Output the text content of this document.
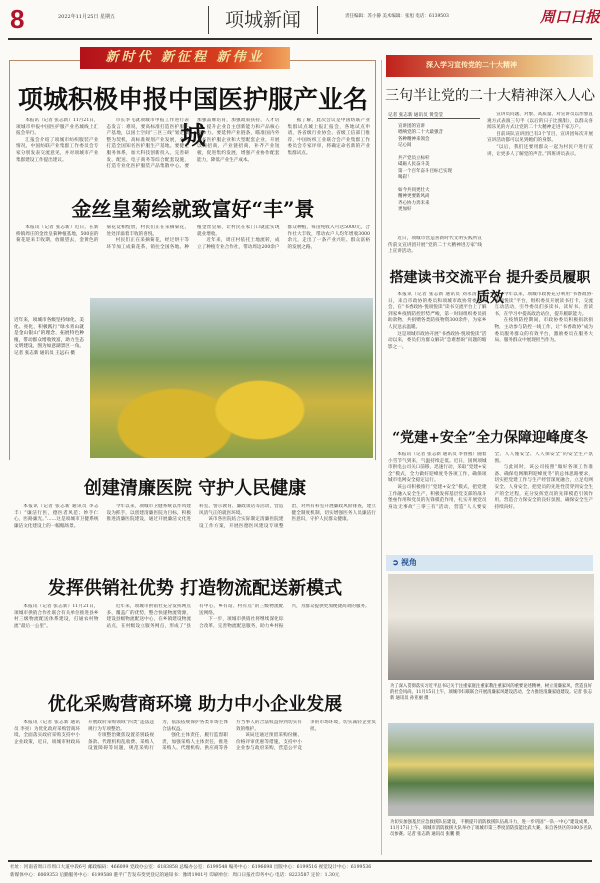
8	2022年11月25日 星期五	项城新闻	责任编辑：苏小静 美术编辑：张旭 电话：6139503	周口日报
新时代 新征程 新伟业
项城积极申报中国医护服产业名城

本报讯（记者 张志新）11月21日，项城市申报中国医护服产业名城线上汇报会举行。

汇报会介绍了项城市纺织服装产业情况，中国纺联产业集群工作委员会专家分别发表交流意见，并对项城市产业集群建设工作提出建议。

市长李飞就项城市申报工作进行表态发言：难说，要高标准打造医护服生产基地，以国土空间“三区三线”划定调整为契机，高标准规划产业发展，全力打造全国知名医护服生产基地。要健全服务体系，加大科技创新投入，完善研发、配送、电子商务等综合配套设施，打造专业化医护服装产品集散中心。要加强品牌培育，加强政策扶持、人才培育，提升企业自主创新能力和产品核心竞争力。要延伸产业链条，瞄准国内外知名医护服企业和大型配套企业，开展以商招商、产业链招商，补齐产业短板，促进集约发展，增强产业协作配套能力，降低产业生产成本。

据了解，此次会议是中国纺联产业集群试点城上报汇报会，各地试点申请，各省级行业协会、省级工信部门推荐，中国纺织工业联合会产业集群工作委员会专家评审，将确定命名新的产业集群试点。

金丝皇菊绘就致富好“丰”景

本报讯（记者 张志新）近日，在新桥镇周庄的金丝皇菊种植基地，500亩的菊花迎来丰收期，放眼望去，金黄色的菊花竞相绽放，村民们正在采摘菊花，处处洋溢着丰收的喜悦。

村民们正在采摘菊花，经过烘干等环节加工成菊花茶，销往全国各地。种植金丝皇菊，让村民在家门口就能实现就业增收。

近年来，周庄村依托土地流转，成立了种植专业合作社，带动周边200余户群众种植，每亩纯收入可达5000元，合作社大丰收，带动农户人均年增收3000余元，走出了一条产业兴旺、群众富裕的发展之路。

近年来，项城市各级坚持绿化、美化、亮化，积极践行“绿水青山就是金山银山”的理念，拓展特色种植，带动群众增收致富，助力生态文明建设。图为如意湖景区一角。记者 张志新 通讯员 王远石 摄
创建清廉医院 守护人民健康

本报讯（记者 张志新 通讯员 李志丰）“廉洁行医，德医者风范；妙手仁心，医路廉光。”……这是项城市卫健系统廉洁文化建设上的一幅幅场景。

今年以来，项城市卫健系统以作风建设为抓手，以创建清廉医院为目标，积极推进清廉医院建设，通过开展廉洁文化进科室、警示教育、廉政谈话等活动，营造风清气正的就医环境。

该市各医院结合实际制定清廉医院建设工作方案，开展医德医风建设专项整治，对所有科室开展廉政风险排查，建立健全制度机制，切实增强医务人员廉洁行医意识，守护人民群众健康。

发挥供销社优势 打造物流配送新模式

本报讯（记者 张志新）11月21日，项城市供销合作社联合有关单位推进县乡村三级物流配送体系建设，打通农村物流“最后一公里”。

近年来，项城市供销社充分发挥网点多、覆盖广的优势，整合快递物流资源，建设县级物流配送中心，在乡镇建设物流站点，在村级设立服务网点，形成了“县有中心、乡有站、村有点”的三级物流配送网络。

下一步，项城市供销社将继续深化综合改革，完善物流配送服务，助力乡村振兴，为群众提供更加便捷高效的服务。

优化采购营商环境 助力中小企业发展

本报讯（记者 张志新 通讯员 李亮）为优化政府采购营商环境，全面落实政府采购支持中小企业政策，近日，项城市财政局开展政府采购领域“四类”违法违规行为专项整治。

专项整治聚焦设置差别歧视条款、代理机构乱收费、采购人设置障碍等问题，规范采购行为，依法依规保护各类市场主体合法权益。

强化主体责任，履行监督职责，加强采购人主体责任，推进采购人、代理机构、供应商等各方当事人的合法权益得到切实有效的维护。

该局还通过预留采购份额、价格评审优惠等措施，支持中小企业参与政府采购，营造公平竞争的市场环境，切实减轻企业负担。

深入学习宣传党的二十大精神
三句半让党的二十大精神深入人心
记者 张志新 通讯员 黄莹莹
宣讲团的宣讲
唱响党的二十大最强音
各种精神来领会
记心间

共产党员立标杆
砥砺人民奋斗美
第一个百年奋斗目标已实现
喝彩！

如今共同更壮大
精神更要新风尚
齐心协力奔未来
更加好

宣讲员问题、对象、高质量、对宣讲员以形象直观方式表演三句半《以后的日子比蜜甜》，以群众喜闻乐见的方式让党的二十大精神走进千家万户。

目前该队宣讲团已有3个节目，宣讲团每次开展宣讲活动都可以见到她们的身影。

“以后，我们还要用群众一起为村民户进行宣讲，让更多人了解党的声音。”四班讲员表示。

近日，项城市营造喜新时代文明实践所宣传前文宣讲团开展“党的二十大精神进万家”线上宣讲活动。

搭建读书交流平台 提升委员履职质效

本报讯（记者 张志新 通讯员 刘永清）近日，来自市政协的委员和项城市政协常委委员会，在“书香政协·悦项悦读”读书交流平台上了解到家乡疫情防控形势严峻，第一时间组织委员捐助款物，共捐赠各类防疫物资300余件，为家乡人民送去温暖。

这是项城市政协开展“书香政协·悦项悦读”活动以来，委员们为群众解决“急难愁盼”问题的缩影之一。

今年以来，项城市政协充分利用“书香政协·悦项悦读”平台，组织委员开展读书打卡、交流互动活动，引导委员们多读书、读好书、善读书，在学习中提高政治站位，提升履职能力。

在疫情防控期间，市政协委员积极捐款捐物，主动参与防控一线工作，让“书香政协”成为委员服务群众的有效平台，激励委员在服务大局、服务群众中展现担当作为。

“党建+安全”全力保障迎峰度冬

本报讯（记者 张志新 通讯员 李春燕）随着小雪节气到来，气温持续走低。近日，国网项城市供电公司关口前移，迅速行动，采取“党建+安全”模式，全力做好迎峰度冬各项工作，确保项城市电网安全稳定运行。

该公司积极推行“党建+安全”模式，把党建工作融入安全生产，积极发挥基层党支部的战斗堡垒作用和党员的先锋模范作用，扎实开展党员身边无事故“三零三有”活动，营造“人人要安全、人人懂安全、人人保安全”的安全生产氛围。

与此同时，该公司按照“做好各项工作准备、确保电网顺利迎峰度冬”的总体思路要求，切实把党建工作与生产经营深度融合，立足电网安全、人身安全，把党员的先进性贯穿到安全生产的全过程，充分发挥党员的先锋模范引领作用，营造合力保安全的良好氛围，确保安全生产持续向好。

➲ 视角
为了深入贯彻落实习近平总书记关于注重家庭注重家教注重家风的重要论述精神，树立清廉家风，营造良好的社会风尚，11月15日上午，项城市妇联联合开展清廉家风建设活动，全力推进清廉家庭建设。记者 张志新 通讯员 孙亚丽 摄
为切实加强基层应急救援队伍建设，不断提升消防救援队伍战斗力，进一步巩固“一队一中心”建设成果，11月17日上午，项城市消防救援大队举办了项城市第三季度消防技能比武大赛，来自各县区的100多名队员参赛。记者 张志新 通讯员 张鹏 摄
社址：河南省周口市周口大道中段6号 邮政编码：466099 党政办公室：6183858 总编办公室：6199548 编务中心：6196698 出版中心：6199516 视觉设计中心：6199536
新媒体中心：6069353 后勤服务中心：6199588 港平广告发布变更登记的通知书：豫周1901号 印刷单位：周口日报社印务中心 电话：8223587 定价：1.30元
